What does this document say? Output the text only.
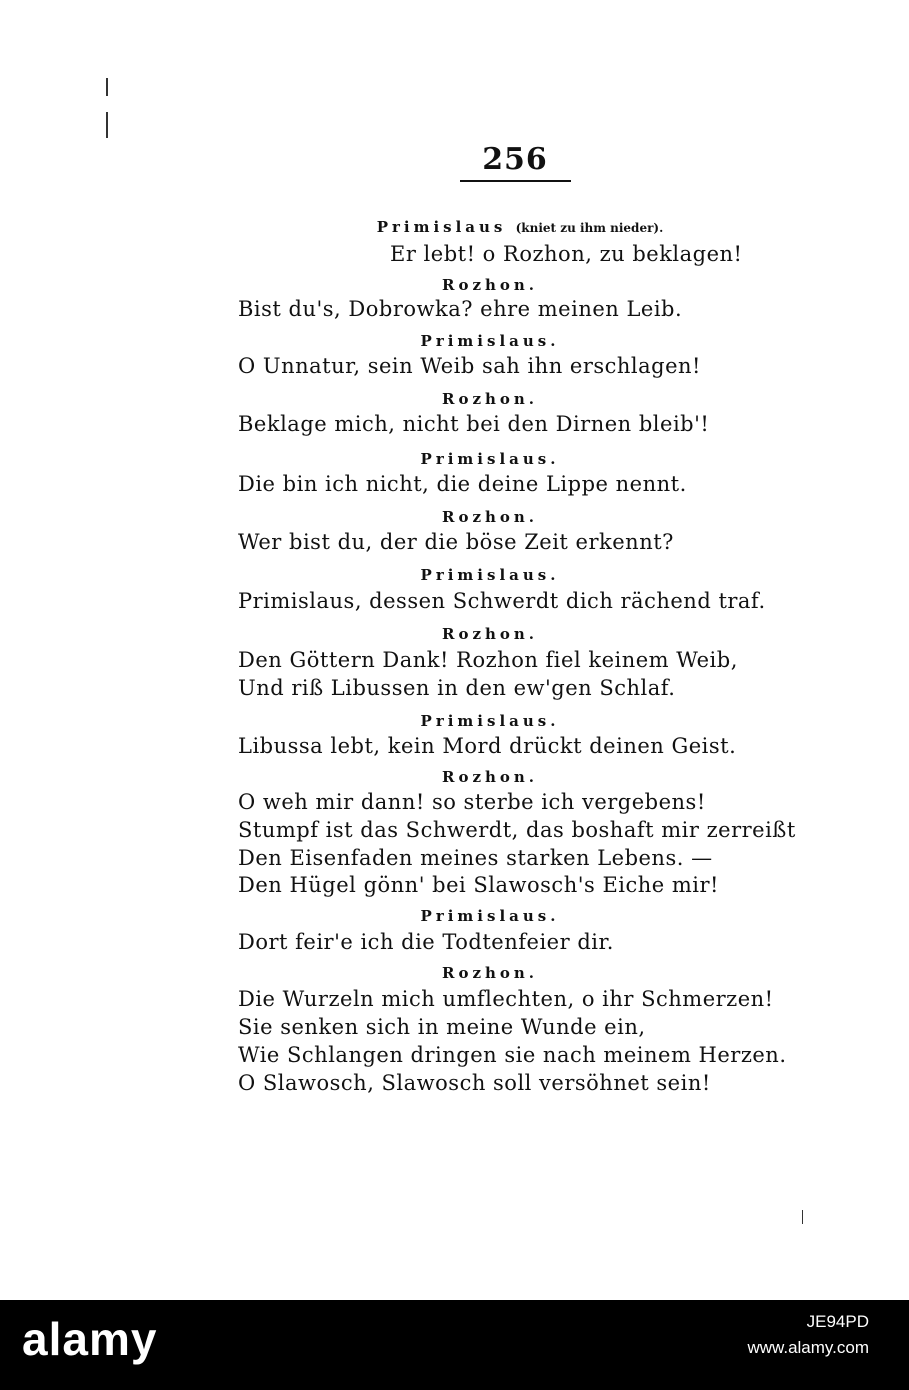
256
Primislaus (kniet zu ihm nieder).
Er lebt! o Rozhon, zu beklagen!
Rozhon.
Bist du's, Dobrowka? ehre meinen Leib.
Primislaus.
O Unnatur, sein Weib sah ihn erschlagen!
Rozhon.
Beklage mich, nicht bei den Dirnen bleib'!
Primislaus.
Die bin ich nicht, die deine Lippe nennt.
Rozhon.
Wer bist du, der die böse Zeit erkennt?
Primislaus.
Primislaus, dessen Schwerdt dich rächend traf.
Rozhon.
Den Göttern Dank! Rozhon fiel keinem Weib,
Und riß Libussen in den ew'gen Schlaf.
Primislaus.
Libussa lebt, kein Mord drückt deinen Geist.
Rozhon.
O weh mir dann! so sterbe ich vergebens!
Stumpf ist das Schwerdt, das boshaft mir zerreißt
Den Eisenfaden meines starken Lebens. —
Den Hügel gönn' bei Slawosch's Eiche mir!
Primislaus.
Dort feir'e ich die Todtenfeier dir.
Rozhon.
Die Wurzeln mich umflechten, o ihr Schmerzen!
Sie senken sich in meine Wunde ein,
Wie Schlangen dringen sie nach meinem Herzen.
O Slawosch, Slawosch soll versöhnet sein!
alamy	JE94PD
www.alamy.com
